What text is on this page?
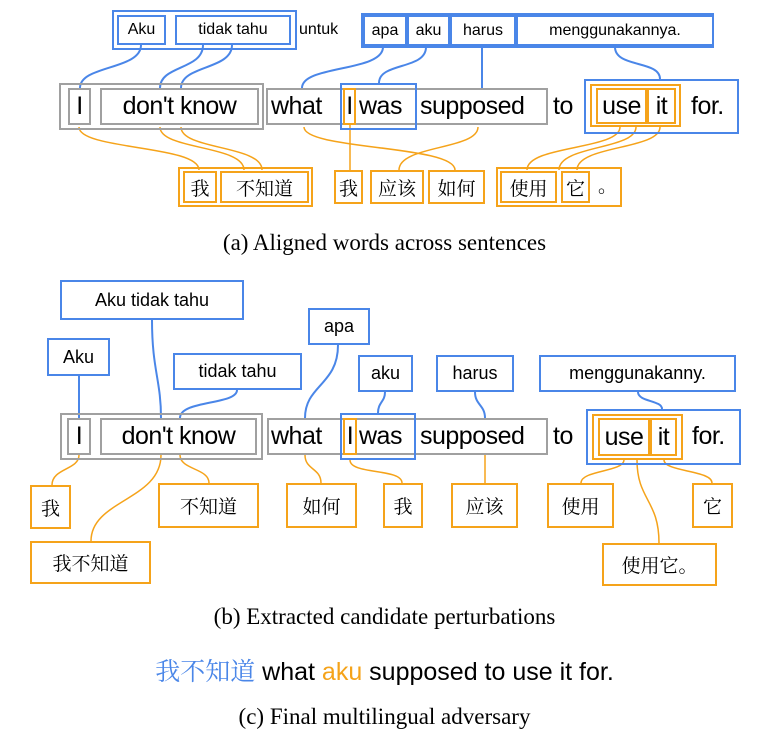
Aku	tidak tahu untuk apa aku harus	menggunakannya.
I don't know what I was supposed to use it for.
我 不知道 我 应该 如何 使用 它 。
(a) Aligned words across sentences
Aku tidak tahu
Aku
tidak tahu
apa
aku	harus	menggunakanny.
I don't know what I was supposed to use it for.
我	不知道	如何	我	应该	使用	它
我不知道	使用它。
(b) Extracted candidate perturbations
我不知道 what aku supposed to use it for.
(c) Final multilingual adversary
